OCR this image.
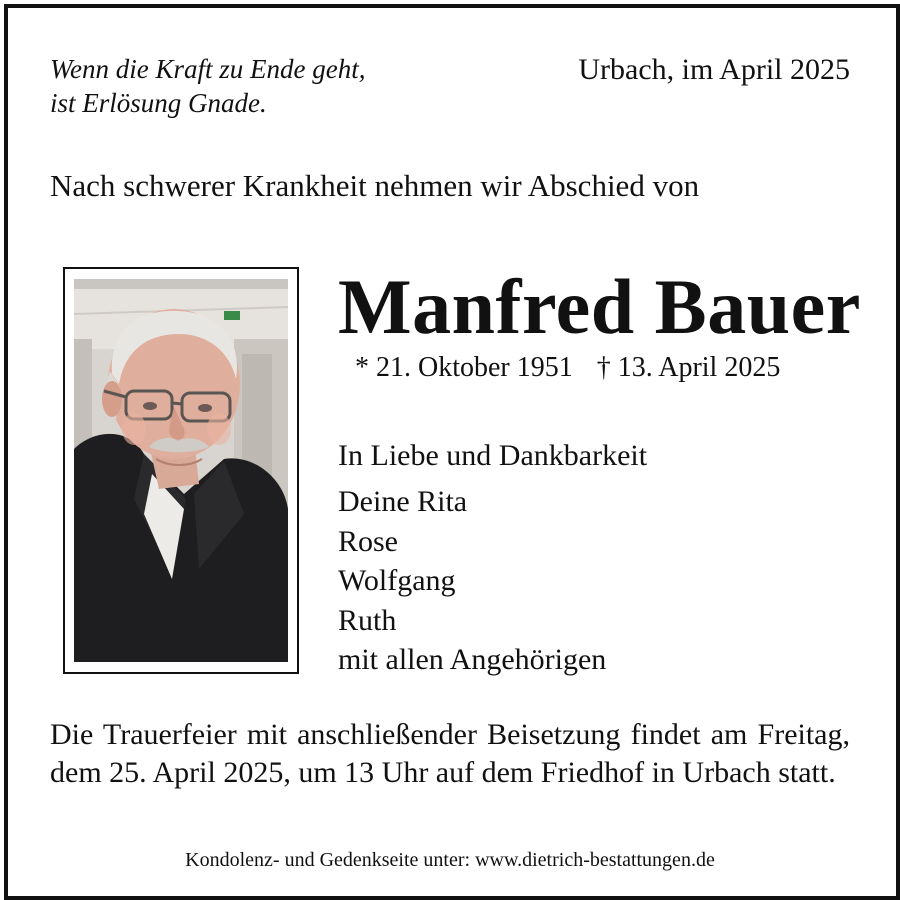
Wenn die Kraft zu Ende geht,
ist Erlösung Gnade.

Urbach, im April 2025

Nach schwerer Krankheit nehmen wir Abschied von

Manfred Bauer

* 21. Oktober 1951 † 13. April 2025

In Liebe und Dankbarkeit

Deine Rita
Rose
Wolfgang
Ruth
mit allen Angehörigen

Die Trauerfeier mit anschließender Beisetzung findet am Freitag, dem 25. April 2025, um 13 Uhr auf dem Friedhof in Urbach statt.

Kondolenz- und Gedenkseite unter: www.dietrich-bestattungen.de
